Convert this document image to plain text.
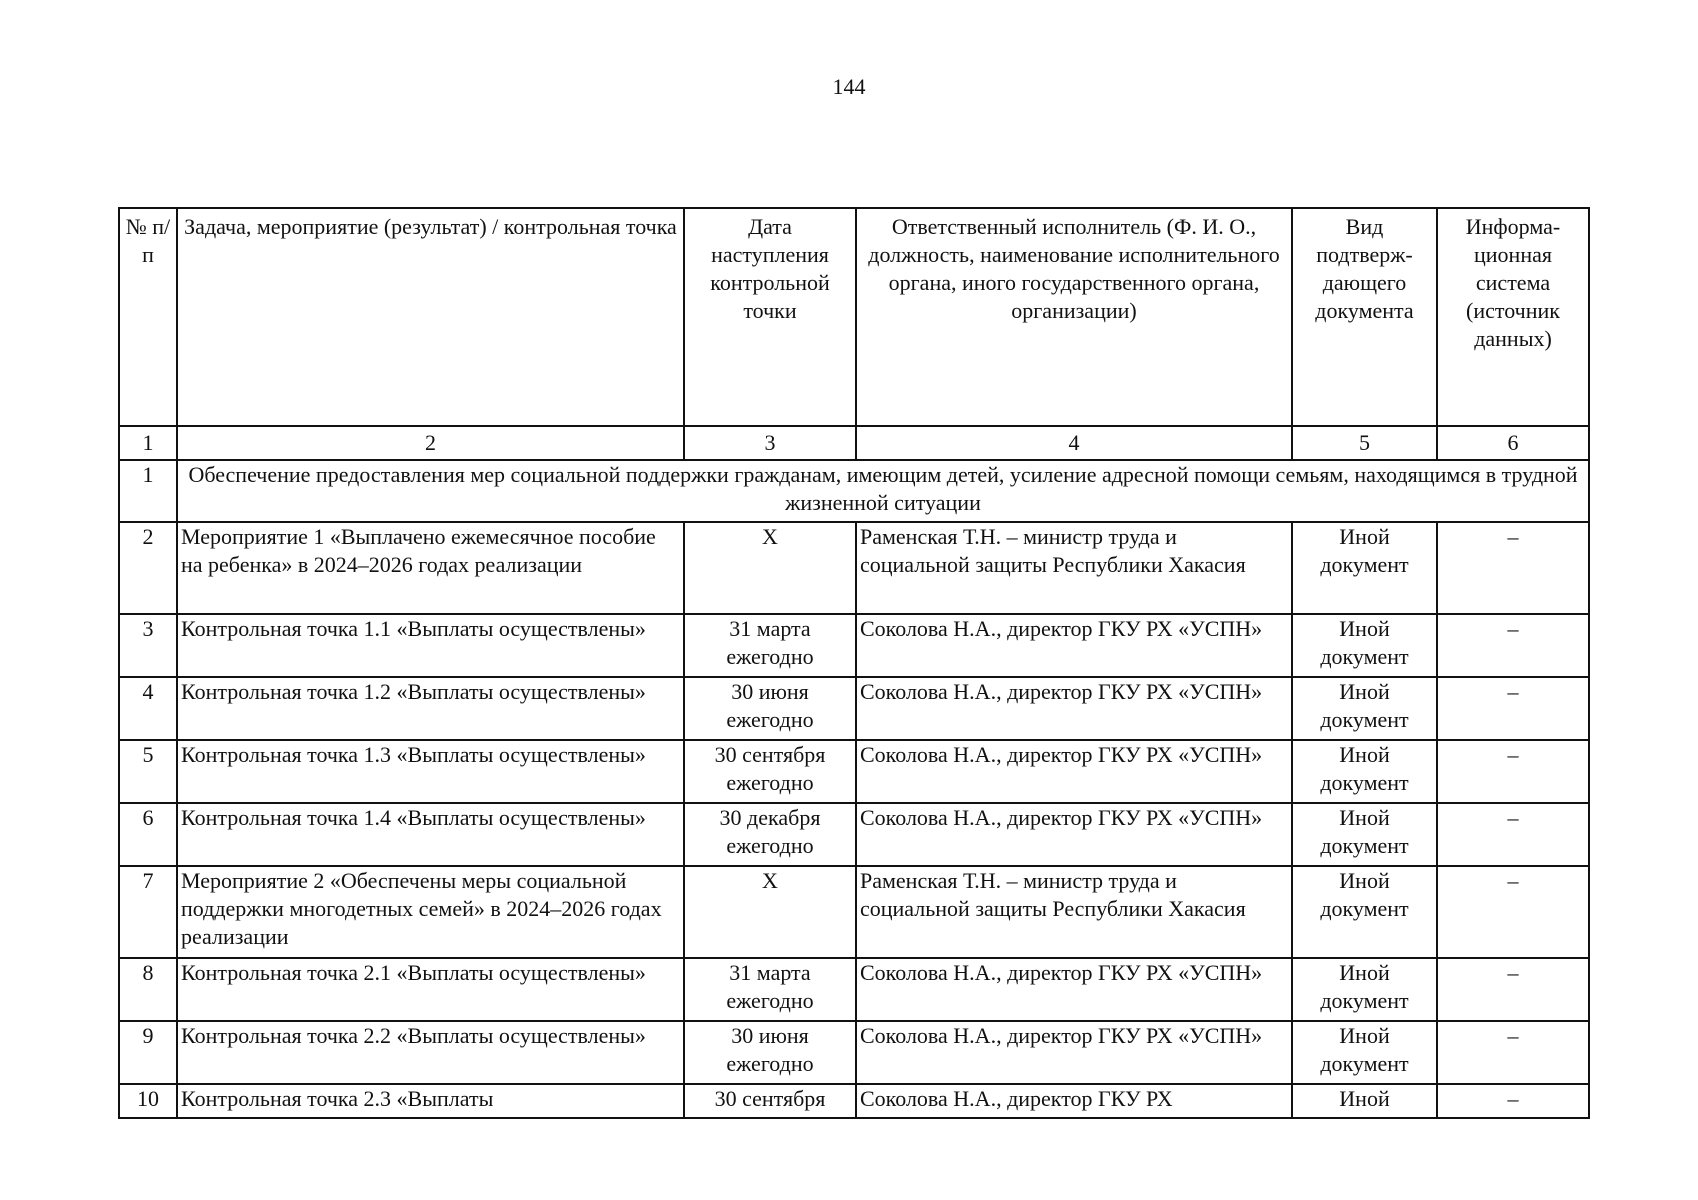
144
№ п/п	Задача, мероприятие (результат) / контрольная точка	Дата наступления контрольной точки	Ответственный исполнитель (Ф. И. О., должность, наименование исполнительного органа, иного государственного органа, организации)	Вид подтверж-дающего документа	Информа-ционная система (источник данных)
1	2	3	4	5	6
1	Обеспечение предоставления мер социальной поддержки гражданам, имеющим детей, усиление адресной помощи семьям, находящимся в трудной жизненной ситуации				
2	Мероприятие 1 «Выплачено ежемесячное пособие на ребенка» в 2024–2026 годах реализации	Х	Раменская Т.Н. – министр труда и социальной защиты Республики Хакасия	Иной документ	–
3	Контрольная точка 1.1 «Выплаты осуществлены»	31 марта ежегодно	Соколова Н.А., директор ГКУ РХ «УСПН»	Иной документ	–
4	Контрольная точка 1.2 «Выплаты осуществлены»	30 июня ежегодно	Соколова Н.А., директор ГКУ РХ «УСПН»	Иной документ	–
5	Контрольная точка 1.3 «Выплаты осуществлены»	30 сентября ежегодно	Соколова Н.А., директор ГКУ РХ «УСПН»	Иной документ	–
6	Контрольная точка 1.4 «Выплаты осуществлены»	30 декабря ежегодно	Соколова Н.А., директор ГКУ РХ «УСПН»	Иной документ	–
7	Мероприятие 2 «Обеспечены меры социальной поддержки многодетных семей» в 2024–2026 годах реализации	Х	Раменская Т.Н. – министр труда и социальной защиты Республики Хакасия	Иной документ	–
8	Контрольная точка 2.1 «Выплаты осуществлены»	31 марта ежегодно	Соколова Н.А., директор ГКУ РХ «УСПН»	Иной документ	–
9	Контрольная точка 2.2 «Выплаты осуществлены»	30 июня ежегодно	Соколова Н.А., директор ГКУ РХ «УСПН»	Иной документ	–
10	Контрольная точка 2.3 «Выплаты	30 сентября	Соколова Н.А., директор ГКУ РХ	Иной	–
